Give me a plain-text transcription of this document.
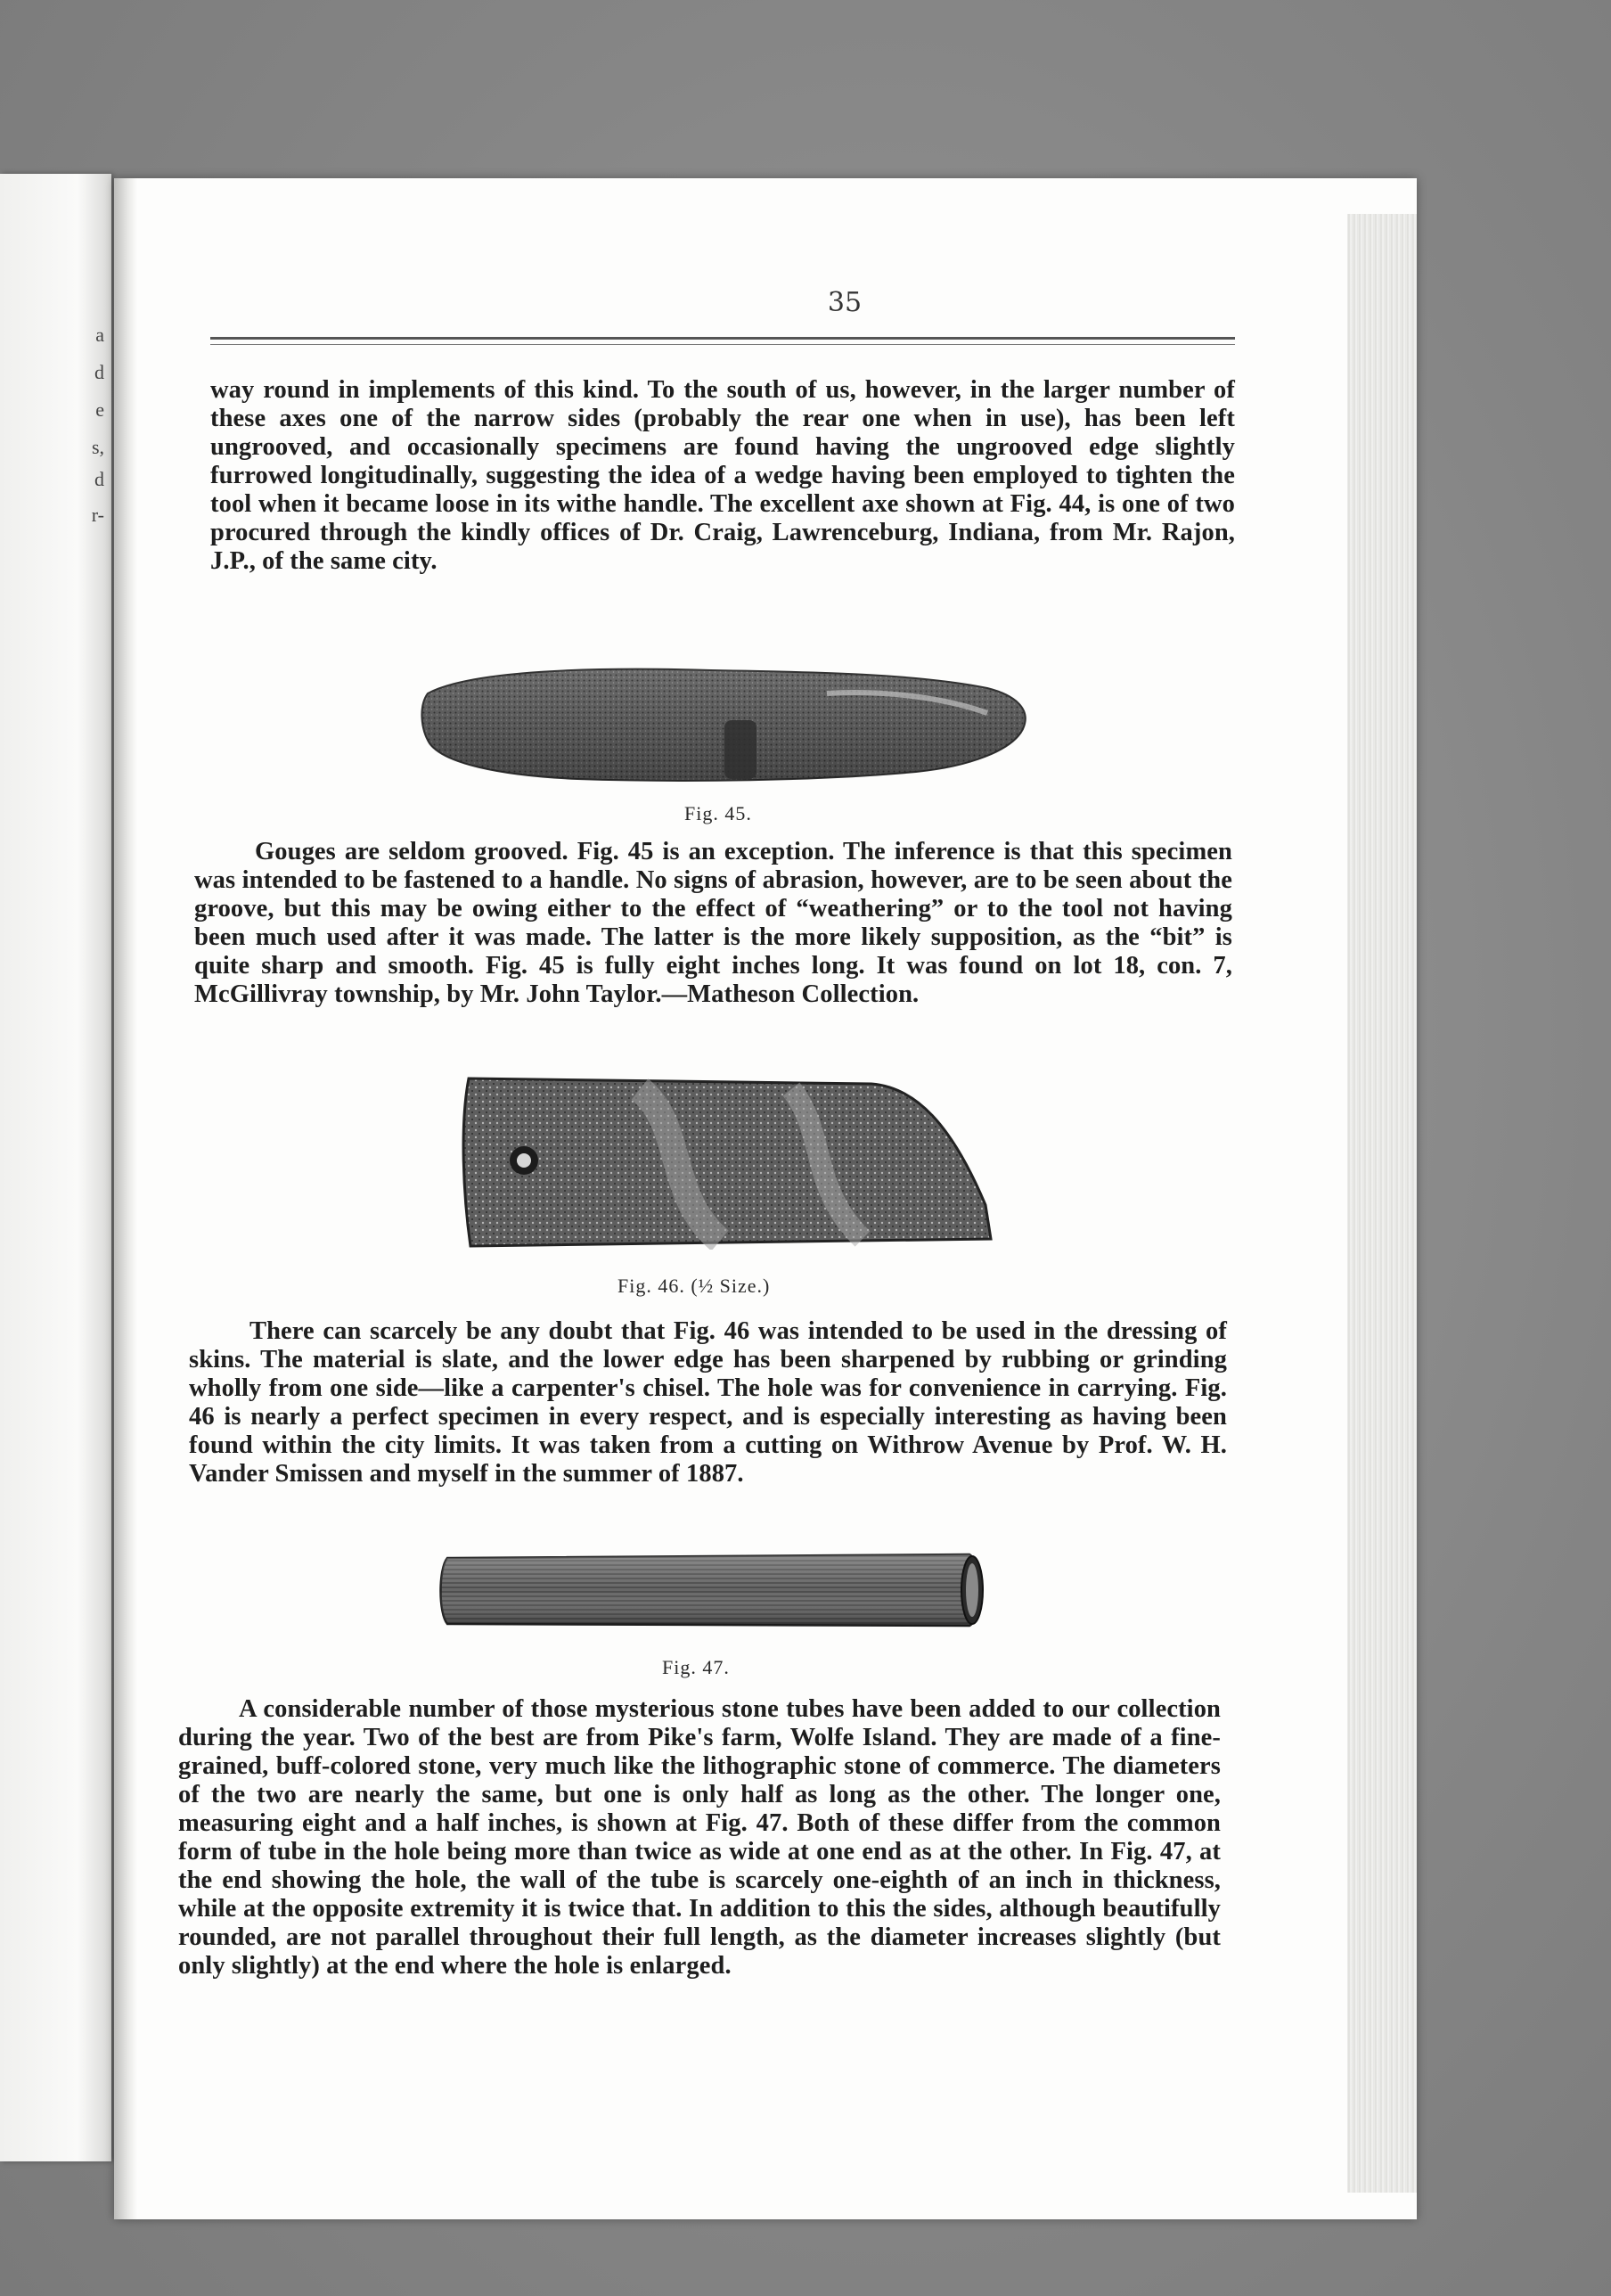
a
d
e
s,
d
r-
35

way round in implements of this kind. To the south of us, however, in the larger number of these axes one of the narrow sides (probably the rear one when in use), has been left ungrooved, and occasionally specimens are found having the ungrooved edge slightly furrowed longitudinally, suggesting the idea of a wedge having been employed to tighten the tool when it became loose in its withe handle. The excellent axe shown at Fig. 44, is one of two procured through the kindly offices of Dr. Craig, Lawrenceburg, Indiana, from Mr. Rajon, J.P., of the same city.

Fig. 45.

Gouges are seldom grooved. Fig. 45 is an exception. The inference is that this specimen was intended to be fastened to a handle. No signs of abrasion, however, are to be seen about the groove, but this may be owing either to the effect of “weathering” or to the tool not having been much used after it was made. The latter is the more likely supposition, as the “bit” is quite sharp and smooth. Fig. 45 is fully eight inches long. It was found on lot 18, con. 7, McGillivray township, by Mr. John Taylor.—Matheson Collection.

Fig. 46. (½ Size.)

There can scarcely be any doubt that Fig. 46 was intended to be used in the dressing of skins. The material is slate, and the lower edge has been sharpened by rubbing or grinding wholly from one side—like a carpenter's chisel. The hole was for convenience in carrying. Fig. 46 is nearly a perfect specimen in every respect, and is especially interesting as having been found within the city limits. It was taken from a cutting on Withrow Avenue by Prof. W. H. Vander Smissen and myself in the summer of 1887.

Fig. 47.

A considerable number of those mysterious stone tubes have been added to our collection during the year. Two of the best are from Pike's farm, Wolfe Island. They are made of a fine-grained, buff-colored stone, very much like the lithographic stone of commerce. The diameters of the two are nearly the same, but one is only half as long as the other. The longer one, measuring eight and a half inches, is shown at Fig. 47. Both of these differ from the common form of tube in the hole being more than twice as wide at one end as at the other. In Fig. 47, at the end showing the hole, the wall of the tube is scarcely one-eighth of an inch in thickness, while at the opposite extremity it is twice that. In addition to this the sides, although beautifully rounded, are not parallel throughout their full length, as the diameter increases slightly (but only slightly) at the end where the hole is enlarged.
